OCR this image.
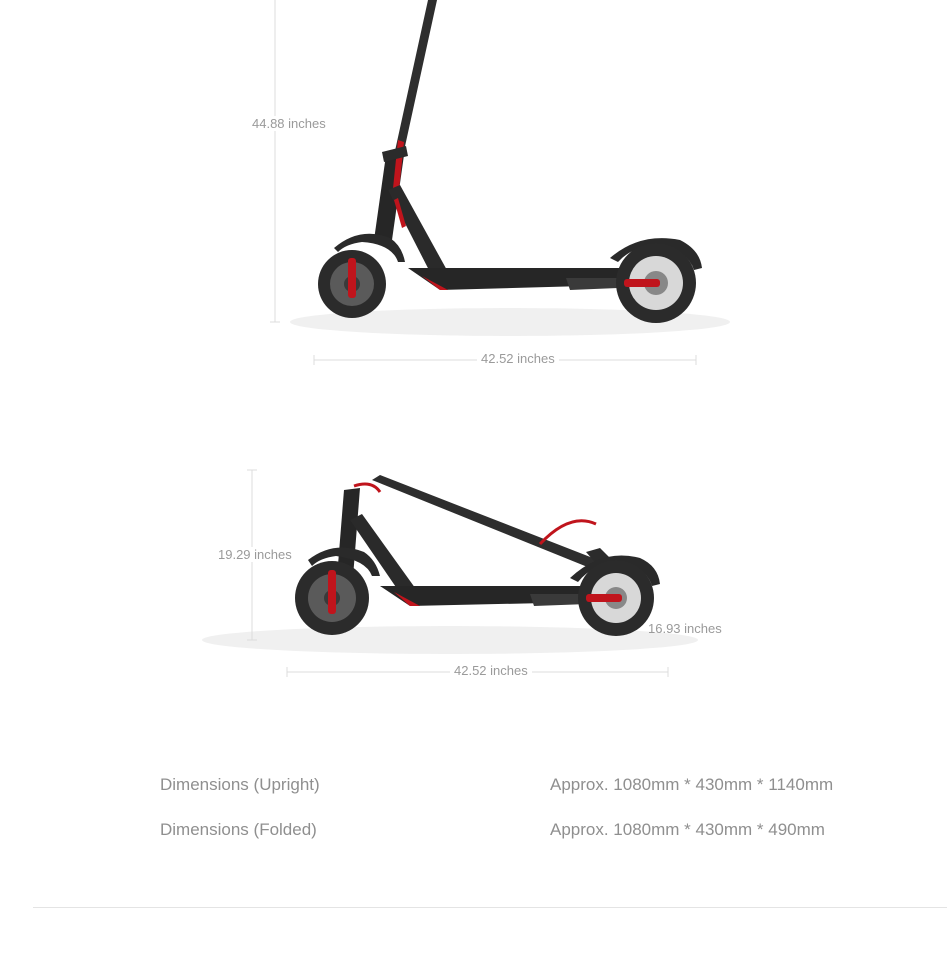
44.88 inches
42.52 inches
19.29 inches
16.93 inches
42.52 inches
Dimensions (Upright)	Approx. 1080mm * 430mm * 1140mm
Dimensions (Folded)	Approx. 1080mm * 430mm * 490mm
